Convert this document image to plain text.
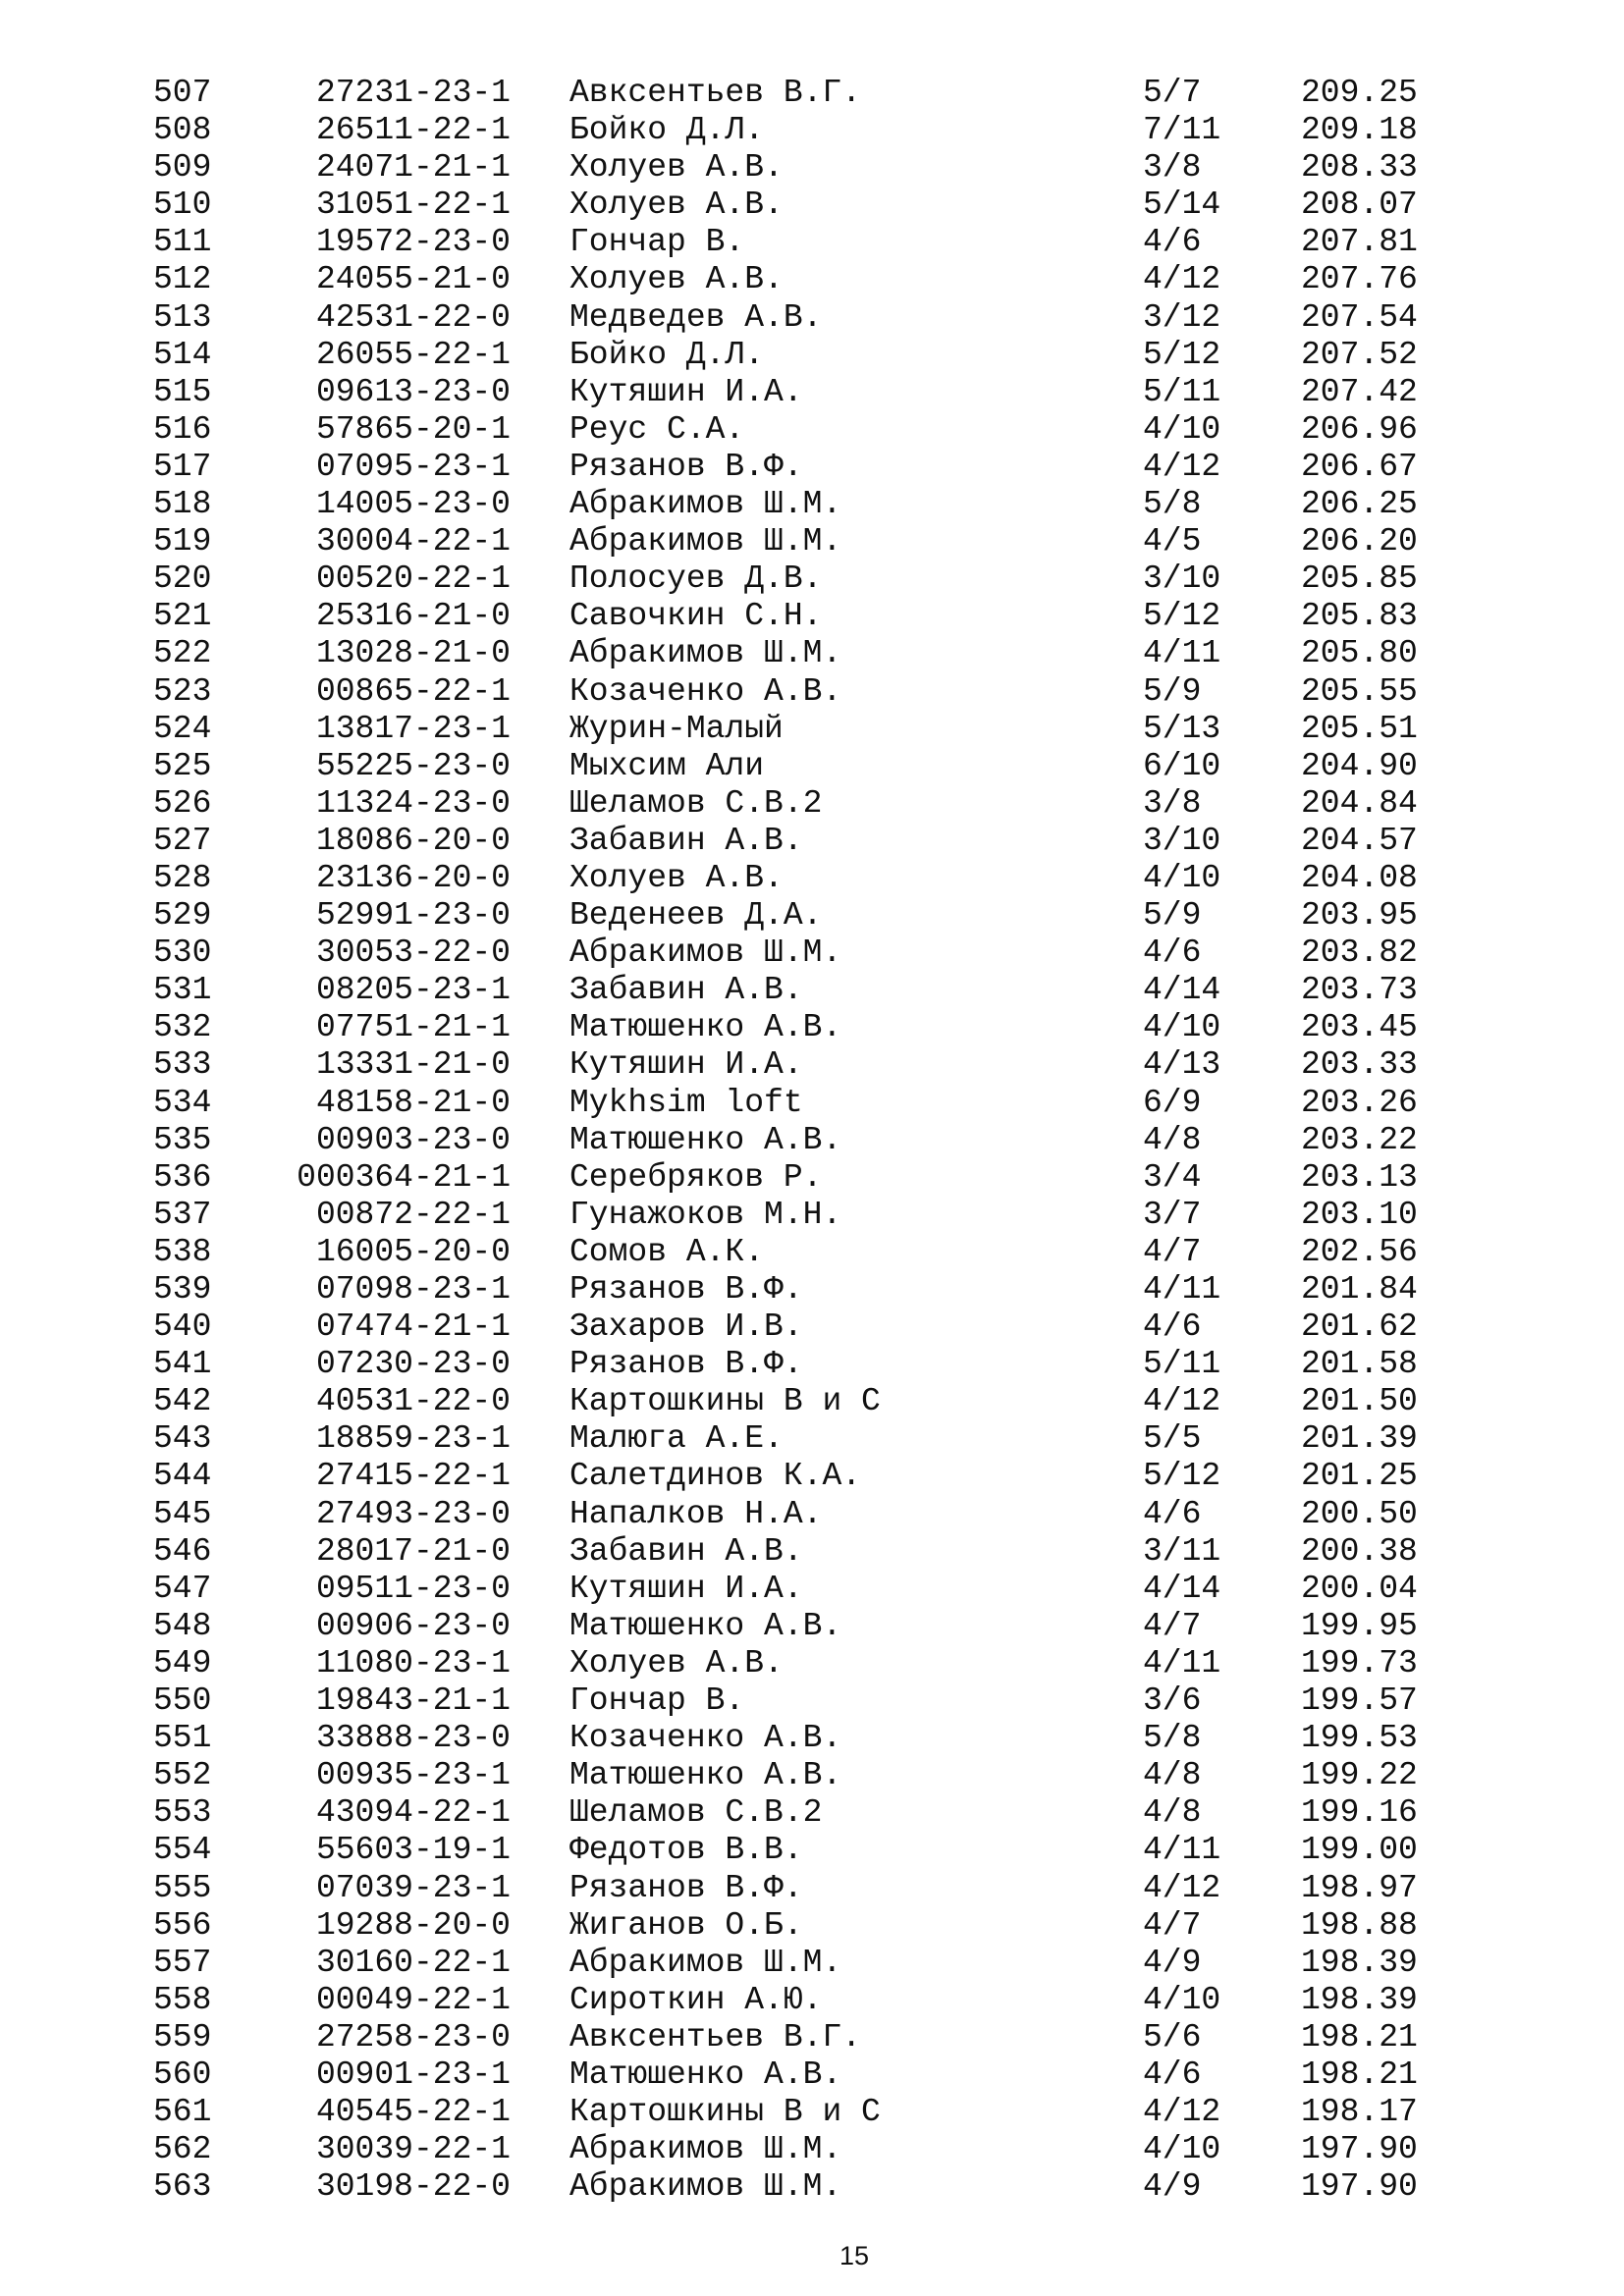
507	27231-23-1 Авксентьев В.Г.	5/7	209.25
508	26511-22-1 Бойко Д.Л.	7/11 209.18
509	24071-21-1 Холуев А.В.	3/8	208.33
510	31051-22-1 Холуев А.В.	5/14 208.07
511	19572-23-0 Гончар В.	4/6	207.81
512	24055-21-0 Холуев А.В.	4/12 207.76
513	42531-22-0 Медведев А.В.	3/12 207.54
514	26055-22-1 Бойко Д.Л.	5/12 207.52
515	09613-23-0 Кутяшин И.А.	5/11 207.42
516	57865-20-1 Реус С.А.	4/10 206.96
517	07095-23-1 Рязанов В.Ф.	4/12 206.67
518	14005-23-0 Абракимов Ш.М.	5/8	206.25
519	30004-22-1 Абракимов Ш.М.	4/5	206.20
520	00520-22-1 Полосуев Д.В.	3/10 205.85
521	25316-21-0 Савочкин С.Н.	5/12 205.83
522	13028-21-0 Абракимов Ш.М.	4/11 205.80
523	00865-22-1 Козаченко А.В.	5/9	205.55
524	13817-23-1 Журин-Малый	5/13 205.51
525	55225-23-0 Мыхсим Али	6/10 204.90
526	11324-23-0 Шеламов С.В.2	3/8	204.84
527	18086-20-0 Забавин А.В.	3/10 204.57
528	23136-20-0 Холуев А.В.	4/10 204.08
529	52991-23-0 Веденеев Д.А.	5/9	203.95
530	30053-22-0 Абракимов Ш.М.	4/6	203.82
531	08205-23-1 Забавин А.В.	4/14 203.73
532	07751-21-1 Матюшенко А.В.	4/10 203.45
533	13331-21-0 Кутяшин И.А.	4/13 203.33
534	48158-21-0 Mykhsim loft	6/9	203.26
535	00903-23-0 Матюшенко А.В.	4/8	203.22
536	000364-21-1 Серебряков Р.	3/4	203.13
537	00872-22-1 Гунажоков М.Н.	3/7	203.10
538	16005-20-0 Сомов А.К.	4/7	202.56
539	07098-23-1 Рязанов В.Ф.	4/11 201.84
540	07474-21-1 Захаров И.В.	4/6	201.62
541	07230-23-0 Рязанов В.Ф.	5/11 201.58
542	40531-22-0 Картошкины В и С	4/12 201.50
543	18859-23-1 Малюга А.Е.	5/5	201.39
544	27415-22-1 Салетдинов К.А.	5/12 201.25
545	27493-23-0 Напалков Н.А.	4/6	200.50
546	28017-21-0 Забавин А.В.	3/11 200.38
547	09511-23-0 Кутяшин И.А.	4/14 200.04
548	00906-23-0 Матюшенко А.В.	4/7	199.95
549	11080-23-1 Холуев А.В.	4/11 199.73
550	19843-21-1 Гончар В.	3/6	199.57
551	33888-23-0 Козаченко А.В.	5/8	199.53
552	00935-23-1 Матюшенко А.В.	4/8	199.22
553	43094-22-1 Шеламов С.В.2	4/8	199.16
554	55603-19-1 Федотов В.В.	4/11 199.00
555	07039-23-1 Рязанов В.Ф.	4/12 198.97
556	19288-20-0 Жиганов О.Б.	4/7	198.88
557	30160-22-1 Абракимов Ш.М.	4/9	198.39
558	00049-22-1 Сироткин А.Ю.	4/10 198.39
559	27258-23-0 Авксентьев В.Г.	5/6	198.21
560	00901-23-1 Матюшенко А.В.	4/6	198.21
561	40545-22-1 Картошкины В и С	4/12 198.17
562	30039-22-1 Абракимов Ш.М.	4/10 197.90
563	30198-22-0 Абракимов Ш.М.	4/9	197.90
15
